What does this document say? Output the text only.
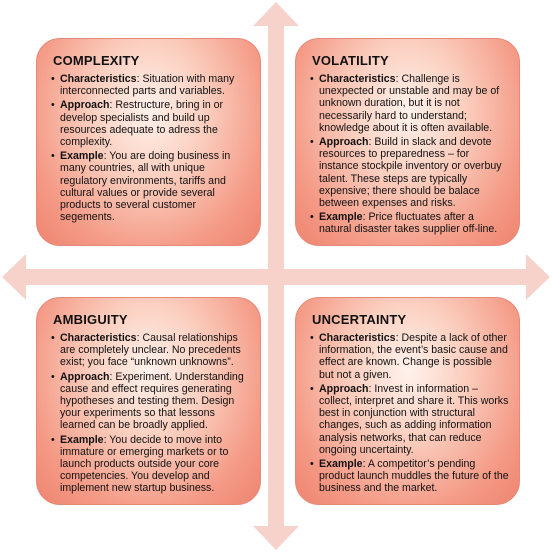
COMPLEXITY
• Characteristics: Situation with many interconnected parts and variables.
• Approach: Restructure, bring in or develop specialists and build up resources adequate to adress the complexity.
• Example: You are doing business in many countries, all with unique regulatory environments, tariffs and cultural values or provide several products to several customer segements.
VOLATILITY
• Characteristics: Challenge is unexpected or unstable and may be of unknown duration, but it is not necessarily hard to understand; knowledge about it is often available.
• Approach: Build in slack and devote resources to preparedness – for instance stockpile inventory or overbuy talent. These steps are typically expensive; there should be balace between expenses and risks.
• Example: Price fluctuates after a natural disaster takes supplier off-line.
AMBIGUITY
• Characteristics: Causal relationships are completely unclear. No precedents exist; you face “unknown unknowns”.
• Approach: Experiment. Understanding cause and effect requires generating hypotheses and testing them. Design your experiments so that lessons learned can be broadly applied.
• Example: You decide to move into immature or emerging markets or to launch products outside your core competencies. You develop and implement new startup business.
UNCERTAINTY
• Characteristics: Despite a lack of other information, the event’s basic cause and effect are known. Change is possible but not a given.
• Approach: Invest in information – collect, interpret and share it. This works best in conjunction with structural changes, such as adding information analysis networks, that can reduce ongoing uncertainty.
• Example: A competitor’s pending product launch muddles the future of the business and the market.
